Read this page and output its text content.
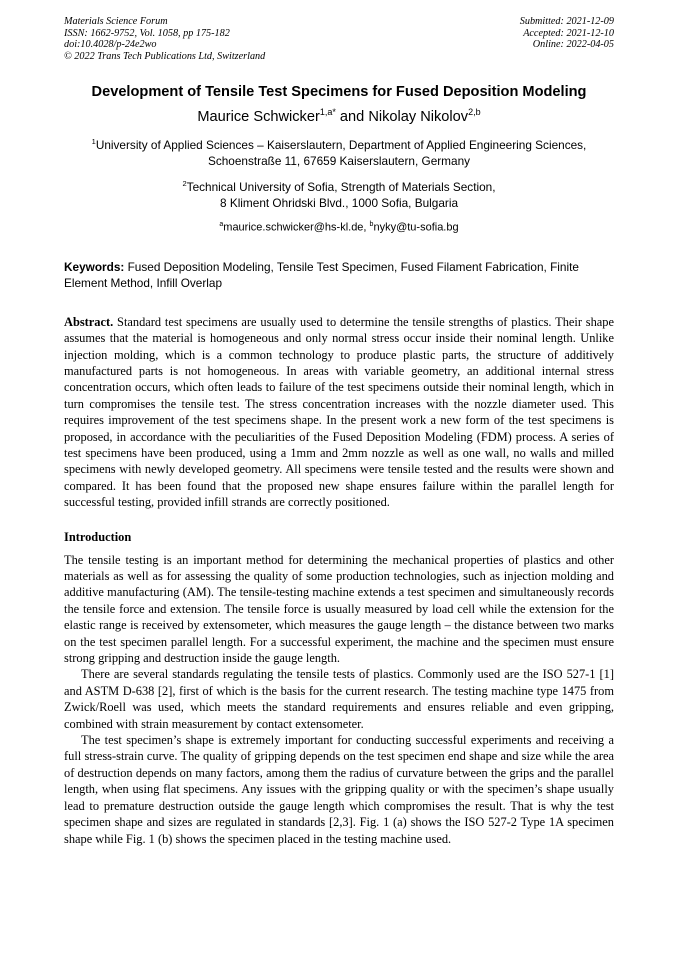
Materials Science Forum
ISSN: 1662-9752, Vol. 1058, pp 175-182
doi:10.4028/p-24e2wo
© 2022 Trans Tech Publications Ltd, Switzerland
Submitted: 2021-12-09
Accepted: 2021-12-10
Online: 2022-04-05
Development of Tensile Test Specimens for Fused Deposition Modeling
Maurice Schwicker$^{1,a*}$ and Nikolay Nikolov$^{2,b}$
$^1$University of Applied Sciences – Kaiserslautern, Department of Applied Engineering Sciences,
Schoenstraße 11, 67659 Kaiserslautern, Germany
$^2$Technical University of Sofia, Strength of Materials Section,
8 Kliment Ohridski Blvd., 1000 Sofia, Bulgaria
$^a$maurice.schwicker@hs-kl.de, $^b$nyky@tu-sofia.bg
Keywords: Fused Deposition Modeling, Tensile Test Specimen, Fused Filament Fabrication, Finite Element Method, Infill Overlap
Abstract. Standard test specimens are usually used to determine the tensile strengths of plastics. Their shape assumes that the material is homogeneous and only normal stress occur inside their nominal length. Unlike injection molding, which is a common technology to produce plastic parts, the structure of additively manufactured parts is not homogeneous. In areas with variable geometry, an additional internal stress concentration occurs, which often leads to failure of the test specimens outside their nominal length, which in turn compromises the tensile test. The stress concentration increases with the nozzle diameter used. This requires improvement of the test specimens shape. In the present work a new form of the test specimens is proposed, in accordance with the peculiarities of the Fused Deposition Modeling (FDM) process. A series of test specimens have been produced, using a 1mm and 2mm nozzle as well as one wall, no walls and milled specimens with newly developed geometry. All specimens were tensile tested and the results were shown and compared. It has been found that the proposed new shape ensures failure within the parallel length for successful testing, provided infill strands are correctly positioned.
Introduction
The tensile testing is an important method for determining the mechanical properties of plastics and other materials as well as for assessing the quality of some production technologies, such as injection molding and additive manufacturing (AM). The tensile-testing machine extends a test specimen and simultaneously records the tensile force and extension. The tensile force is usually measured by load cell while the extension for the elastic range is received by extensometer, which measures the gauge length – the distance between two marks on the test specimen parallel length. For a successful experiment, the machine and the specimen must ensure strong gripping and destruction inside the gauge length.
There are several standards regulating the tensile tests of plastics. Commonly used are the ISO 527-1 [1] and ASTM D-638 [2], first of which is the basis for the current research. The testing machine type 1475 from Zwick/Roell was used, which meets the standard requirements and ensures reliable and even gripping, combined with strain measurement by contact extensometer.
The test specimen’s shape is extremely important for conducting successful experiments and receiving a full stress-strain curve. The quality of gripping depends on the test specimen end shape and size while the area of destruction depends on many factors, among them the radius of curvature between the grips and the parallel length, when using flat specimens. Any issues with the gripping quality or with the specimen’s shape usually lead to premature destruction outside the gauge length which compromises the result. That is why the test specimen shape and sizes are regulated in standards [2,3]. Fig. 1 (a) shows the ISO 527-2 Type 1A specimen shape while Fig. 1 (b) shows the specimen placed in the testing machine used.
